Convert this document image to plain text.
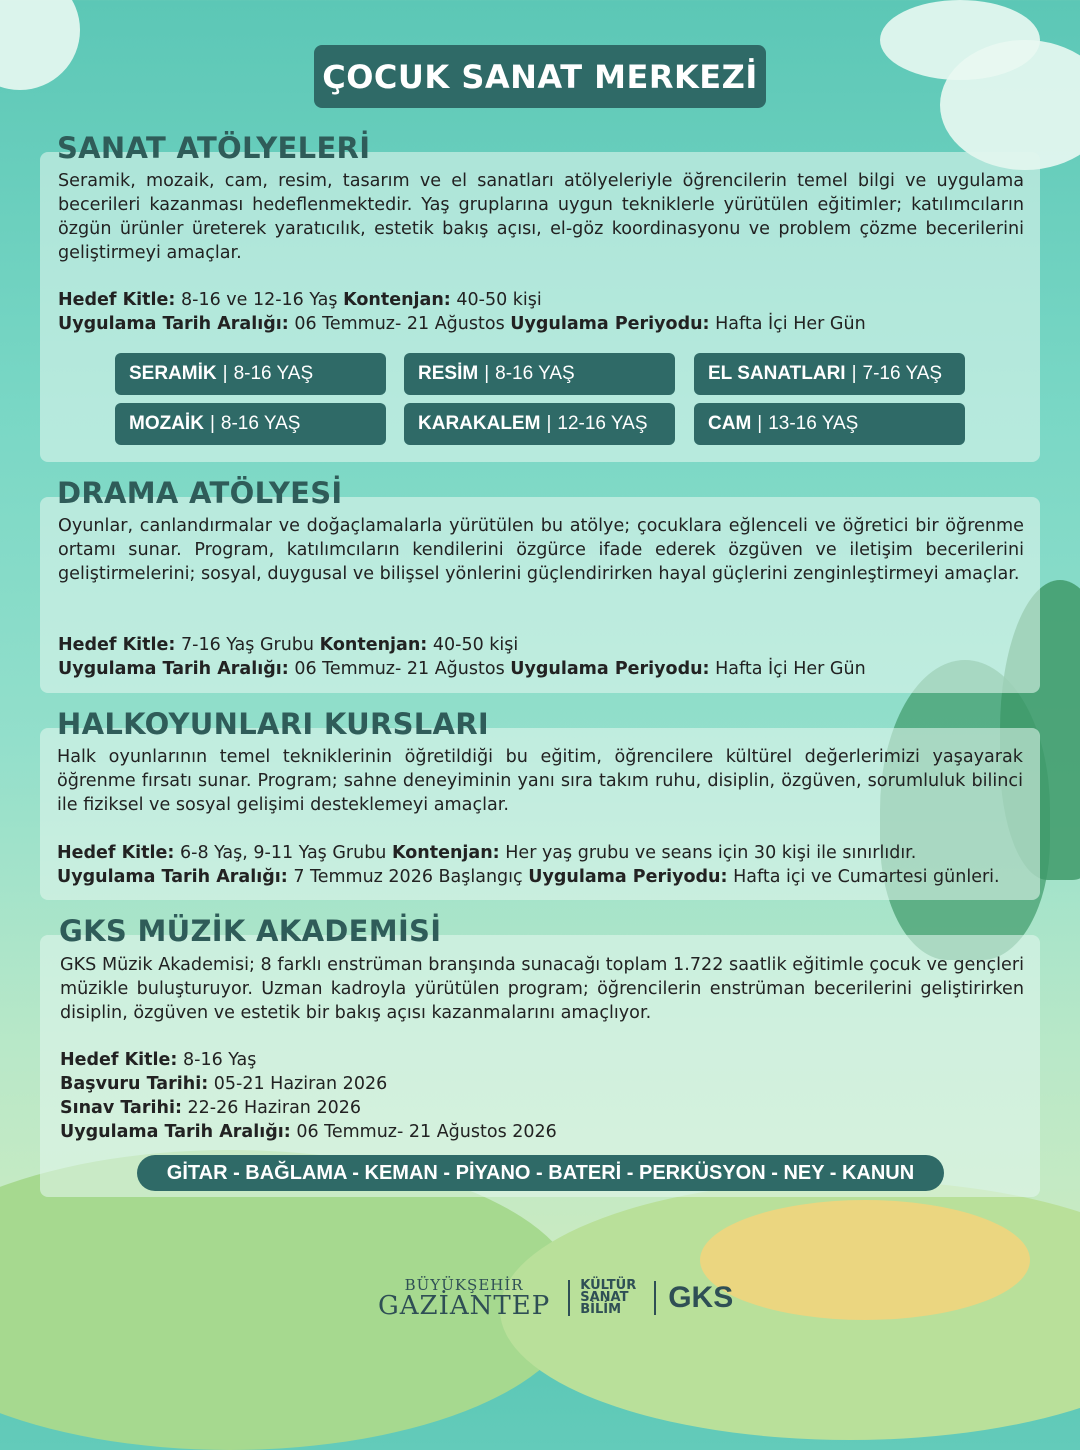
ÇOCUK SANAT MERKEZİ
SANAT ATÖLYELERİ
Seramik, mozaik, cam, resim, tasarım ve el sanatları atölyeleriyle öğrencilerin temel bilgi ve uygulama becerileri kazanması hedeflenmektedir. Yaş gruplarına uygun tekniklerle yürütülen eğitimler; katılımcıların özgün ürünler üreterek yaratıcılık, estetik bakış açısı, el-göz koordinasyonu ve problem çözme becerilerini geliştirmeyi amaçlar.
Hedef Kitle: 8-16 ve 12-16 Yaş Kontenjan: 40-50 kişi
Uygulama Tarih Aralığı: 06 Temmuz- 21 Ağustos Uygulama Periyodu: Hafta İçi Her Gün
SERAMİK | 8-16 YAŞ	RESİM | 8-16 YAŞ	EL SANATLARI | 7-16 YAŞ
MOZAİK | 8-16 YAŞ	KARAKALEM | 12-16 YAŞ	CAM | 13-16 YAŞ
DRAMA ATÖLYESİ
Oyunlar, canlandırmalar ve doğaçlamalarla yürütülen bu atölye; çocuklara eğlenceli ve öğretici bir öğrenme ortamı sunar. Program, katılımcıların kendilerini özgürce ifade ederek özgüven ve iletişim becerilerini geliştirmelerini; sosyal, duygusal ve bilişsel yönlerini güçlendirirken hayal güçlerini zenginleştirmeyi amaçlar.
Hedef Kitle: 7-16 Yaş Grubu Kontenjan: 40-50 kişi
Uygulama Tarih Aralığı: 06 Temmuz- 21 Ağustos Uygulama Periyodu: Hafta İçi Her Gün
HALKOYUNLARI KURSLARI
Halk oyunlarının temel tekniklerinin öğretildiği bu eğitim, öğrencilere kültürel değerlerimizi yaşayarak öğrenme fırsatı sunar. Program; sahne deneyiminin yanı sıra takım ruhu, disiplin, özgüven, sorumluluk bilinci ile fiziksel ve sosyal gelişimi desteklemeyi amaçlar.
Hedef Kitle: 6-8 Yaş, 9-11 Yaş Grubu Kontenjan: Her yaş grubu ve seans için 30 kişi ile sınırlıdır.
Uygulama Tarih Aralığı: 7 Temmuz 2026 Başlangıç Uygulama Periyodu: Hafta içi ve Cumartesi günleri.
GKS MÜZİK AKADEMİSİ
GKS Müzik Akademisi; 8 farklı enstrüman branşında sunacağı toplam 1.722 saatlik eğitimle çocuk ve gençleri müzikle buluşturuyor. Uzman kadroyla yürütülen program; öğrencilerin enstrüman becerilerini geliştirirken disiplin, özgüven ve estetik bir bakış açısı kazanmalarını amaçlıyor.
Hedef Kitle: 8-16 Yaş
Başvuru Tarihi: 05-21 Haziran 2026
Sınav Tarihi: 22-26 Haziran 2026
Uygulama Tarih Aralığı: 06 Temmuz- 21 Ağustos 2026
GİTAR - BAĞLAMA - KEMAN - PİYANO - BATERİ - PERKÜSYON - NEY - KANUN
BÜYÜKŞEHİR
GAZİANTEP
KÜLTÜR
SANAT
BİLİM	GKS
